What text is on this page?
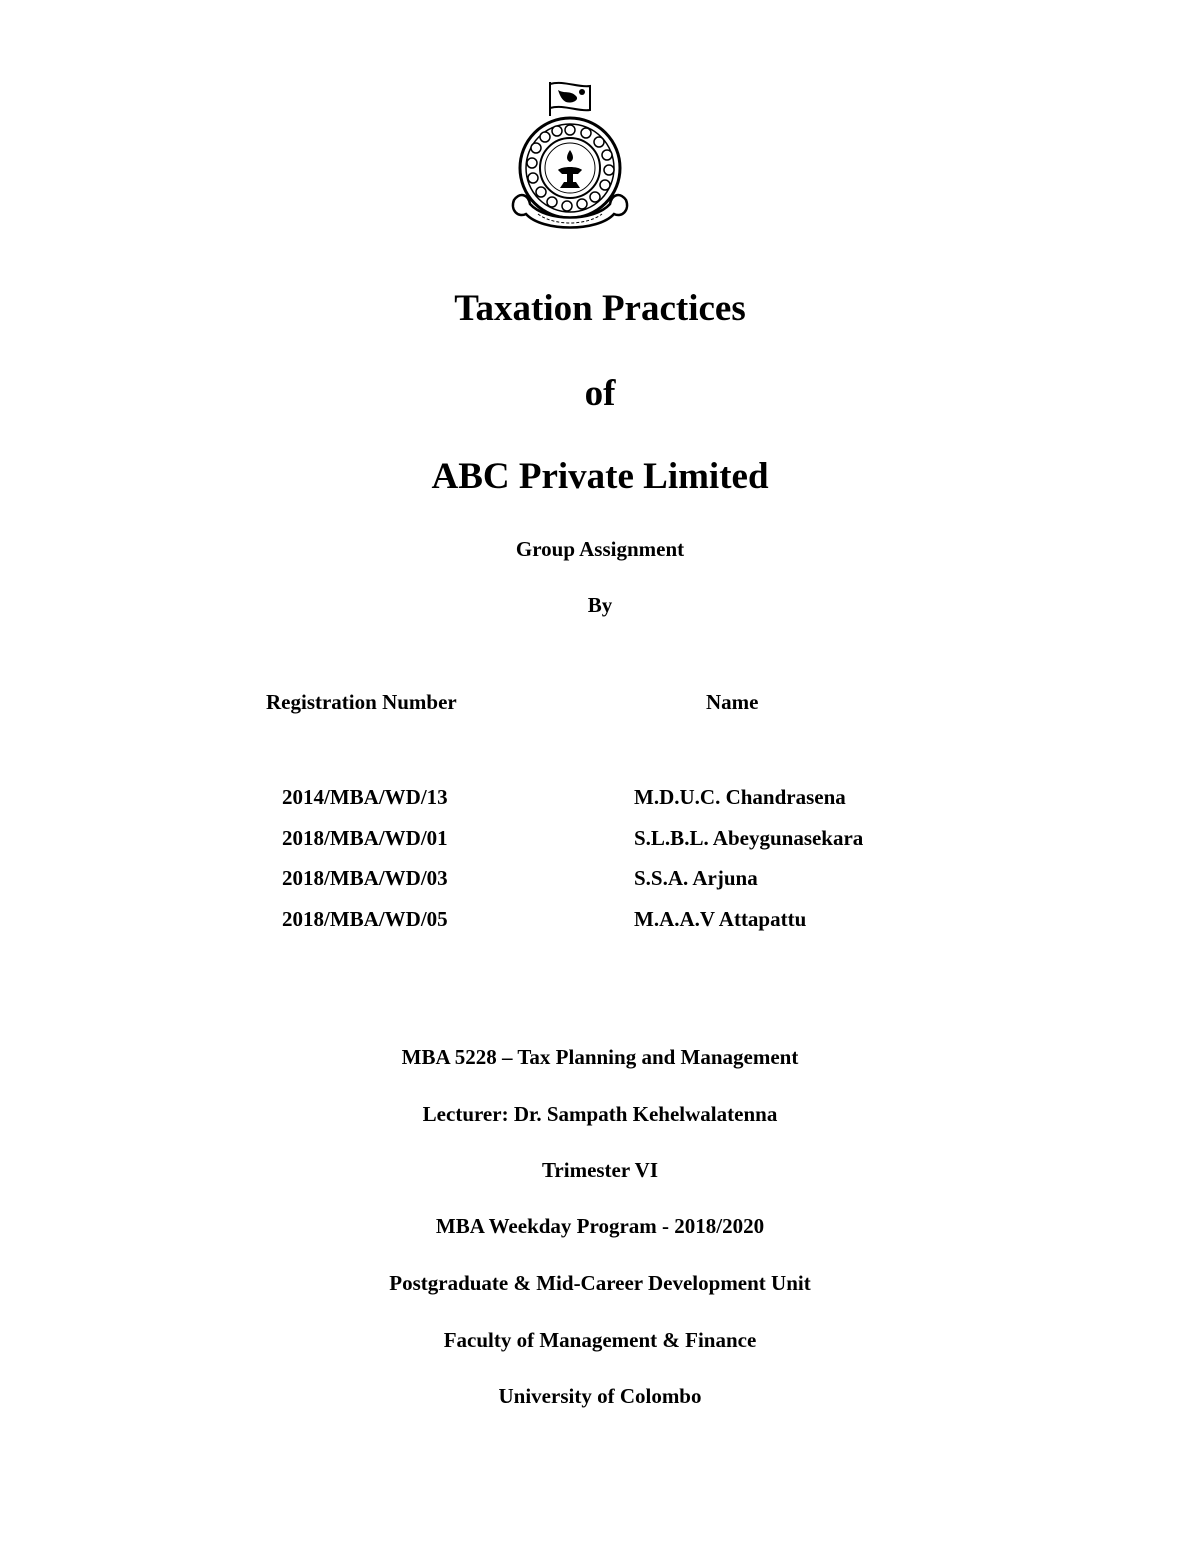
Taxation Practices
of
ABC Private Limited
Group Assignment
By
Registration Number	Name
2014/MBA/WD/13	M.D.U.C. Chandrasena
2018/MBA/WD/01	S.L.B.L. Abeygunasekara
2018/MBA/WD/03	S.S.A. Arjuna
2018/MBA/WD/05	M.A.A.V Attapattu
MBA 5228 – Tax Planning and Management
Lecturer: Dr. Sampath Kehelwalatenna
Trimester VI
MBA Weekday Program - 2018/2020
Postgraduate & Mid-Career Development Unit
Faculty of Management & Finance
University of Colombo
